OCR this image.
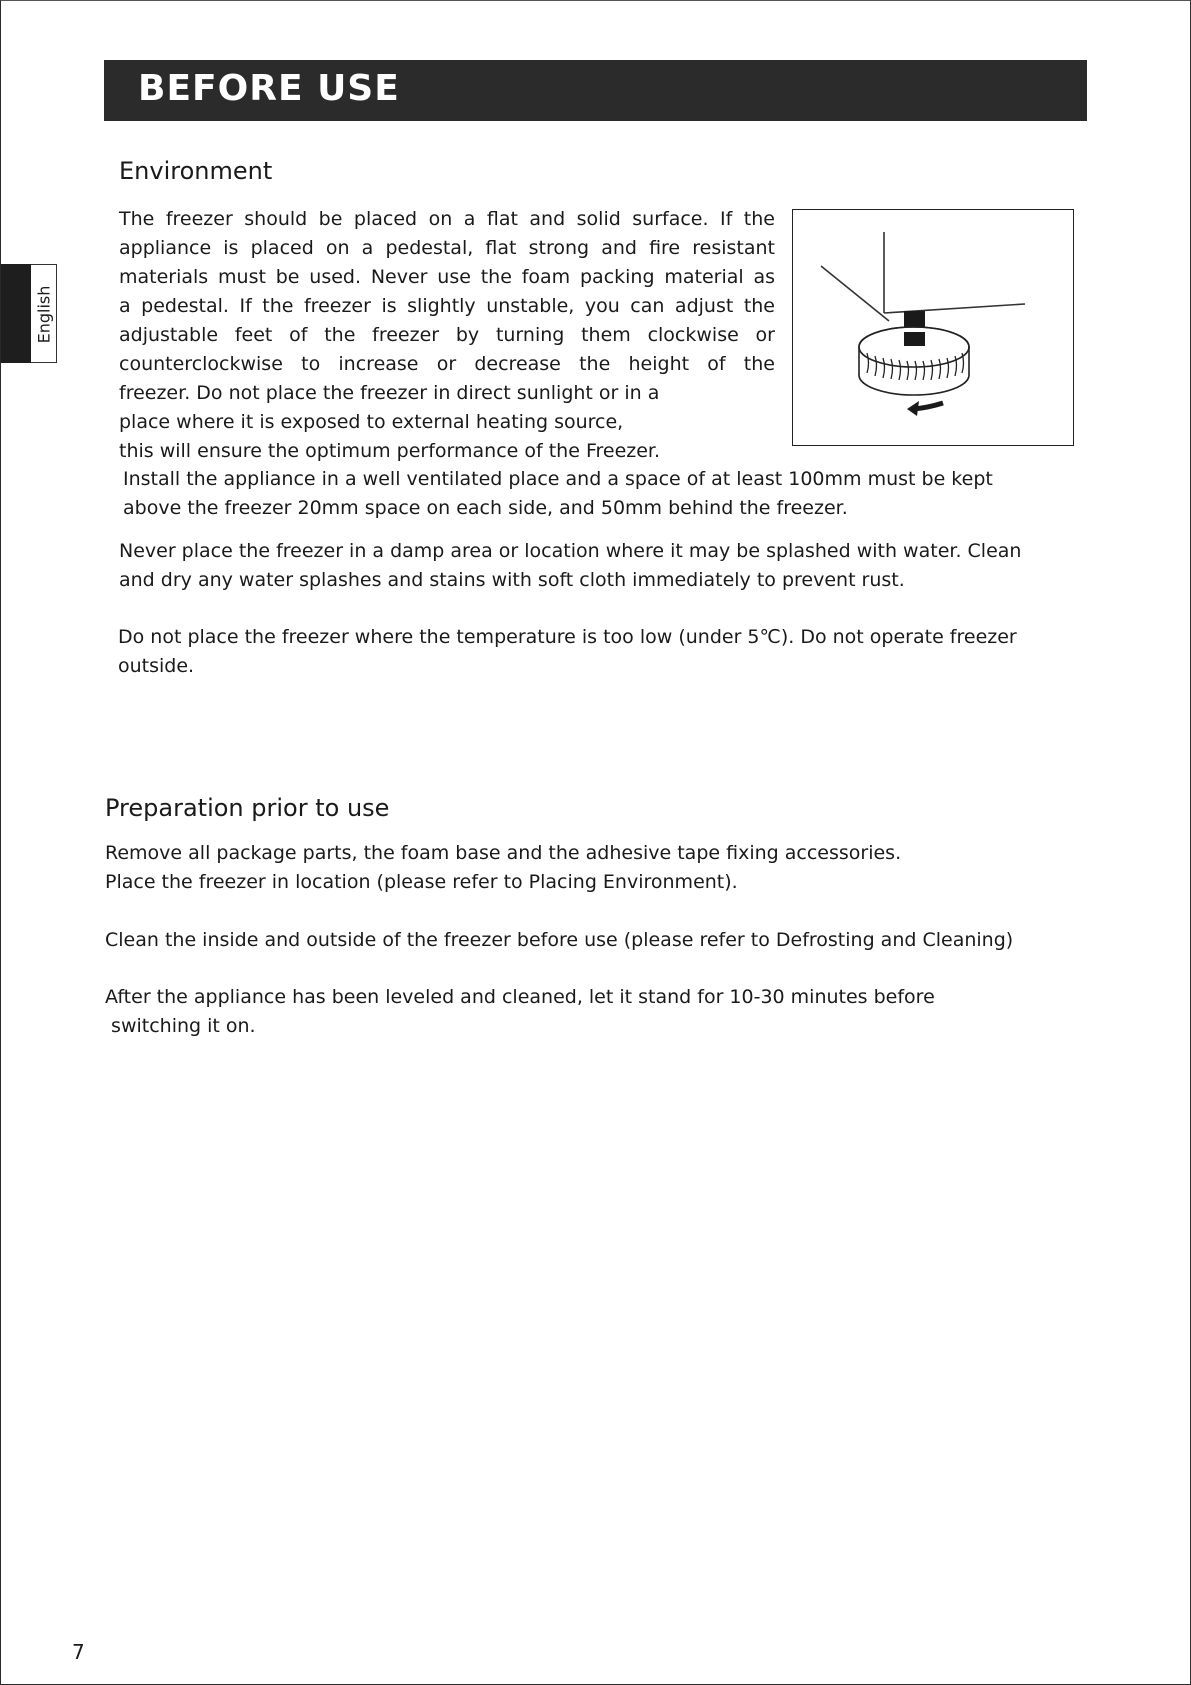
BEFORE USE
English
Environment
The freezer should be placed on a flat and solid surface. If the
appliance is placed on a pedestal, flat strong and fire resistant
materials must be used. Never use the foam packing material as
a pedestal. If the freezer is slightly unstable, you can adjust the
adjustable feet of the freezer by turning them clockwise or
counterclockwise to increase or decrease the height of the
freezer. Do not place the freezer in direct sunlight or in a
place where it is exposed to external heating source,
this will ensure the optimum performance of the Freezer.
Install the appliance in a well ventilated place and a space of at least 100mm must be kept
above the freezer 20mm space on each side, and 50mm behind the freezer.
Never place the freezer in a damp area or location where it may be splashed with water. Clean
and dry any water splashes and stains with soft cloth immediately to prevent rust.
Do not place the freezer where the temperature is too low (under 5℃). Do not operate freezer
outside.
Preparation prior to use
Remove all package parts, the foam base and the adhesive tape fixing accessories.
Place the freezer in location (please refer to Placing Environment).
Clean the inside and outside of the freezer before use (please refer to Defrosting and Cleaning)
After the appliance has been leveled and cleaned, let it stand for 10-30 minutes before
switching it on.
7
